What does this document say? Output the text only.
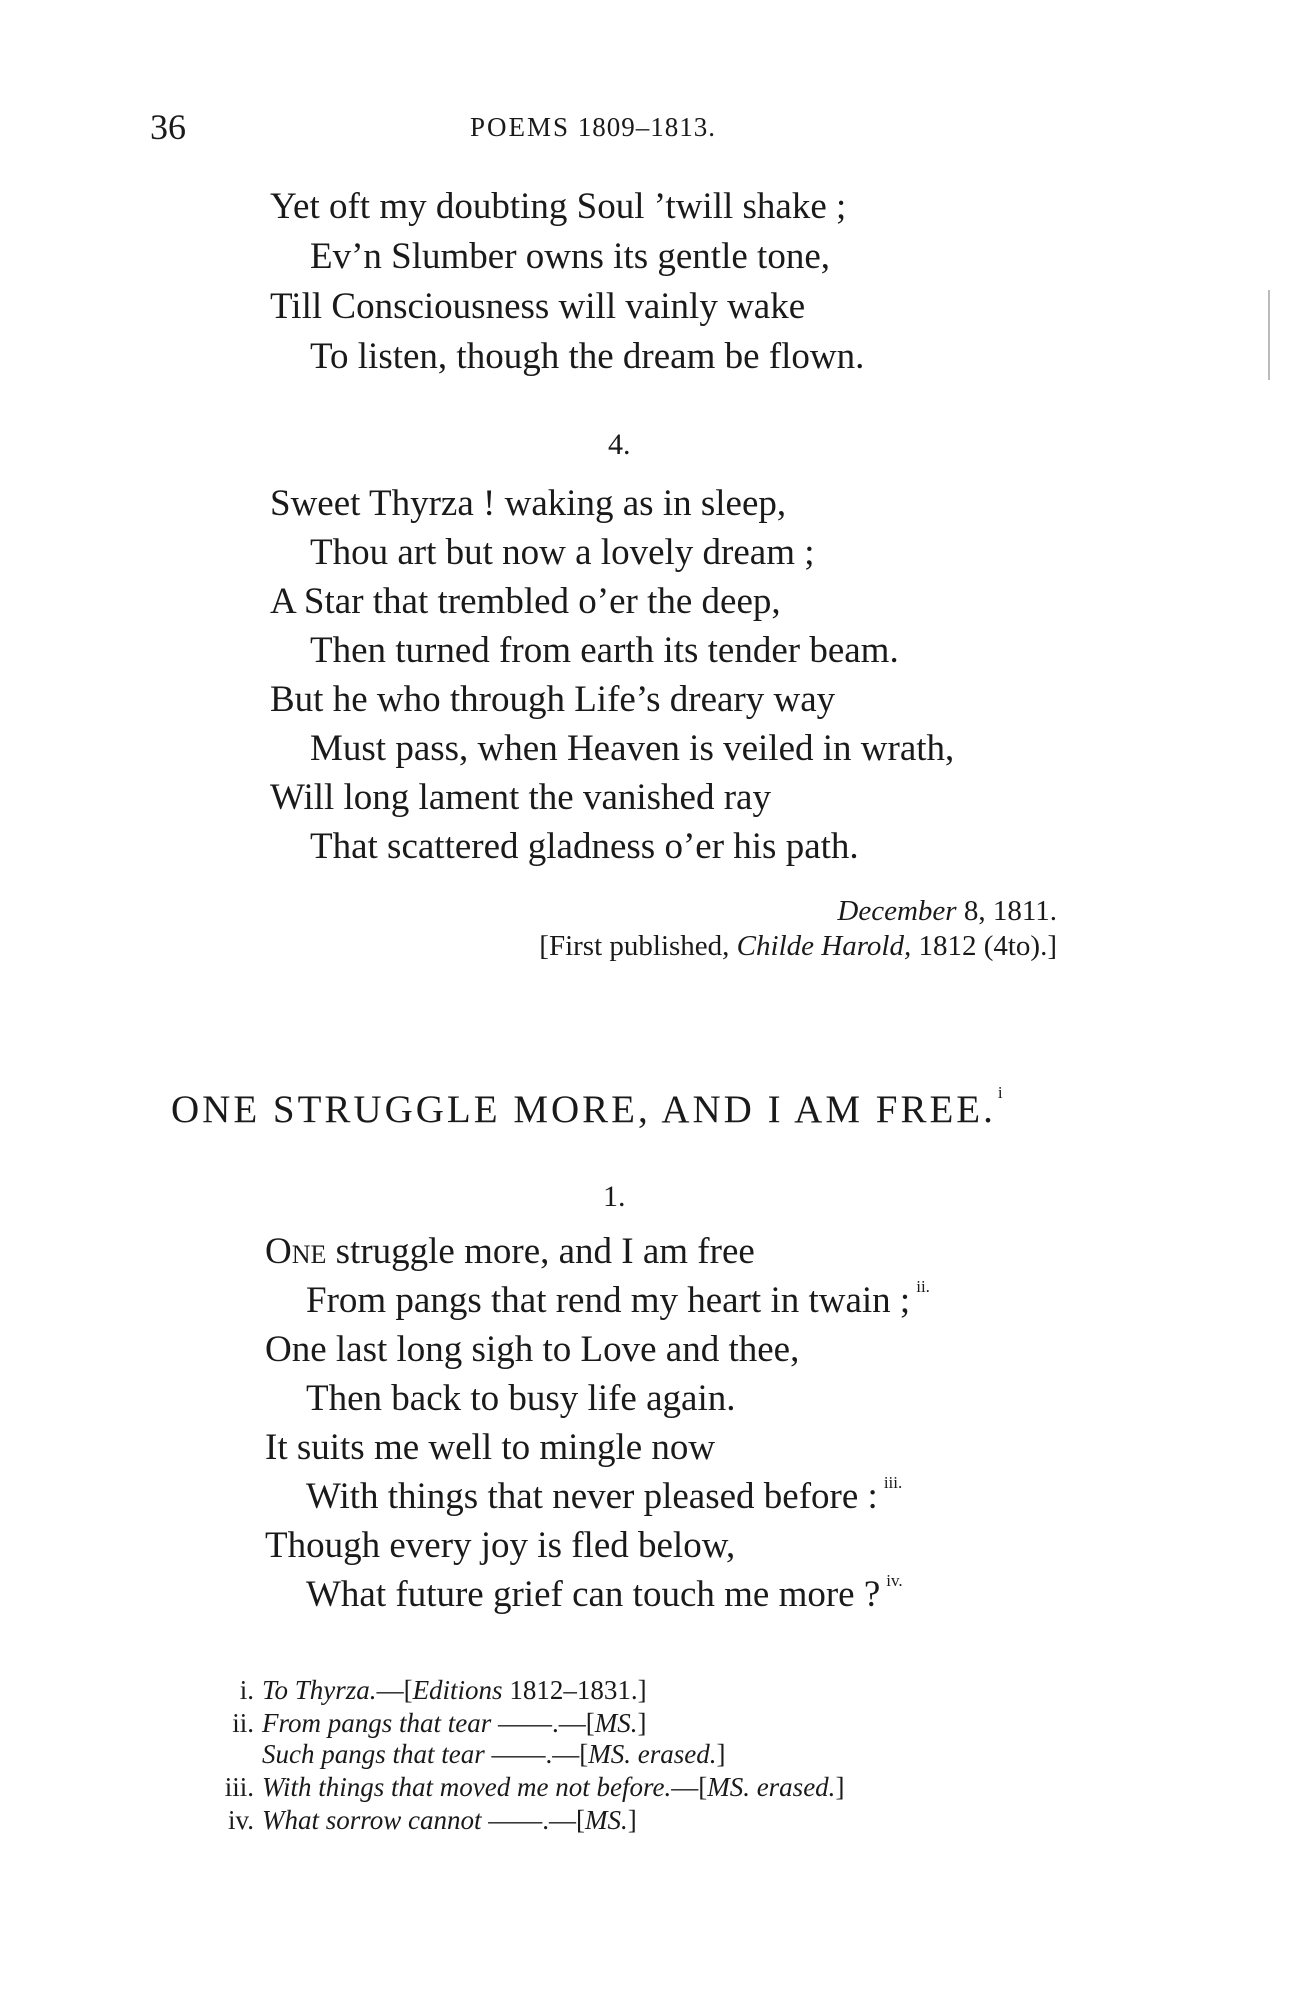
36	POEMS 1809–1813.
Yet oft my doubting Soul ’twill shake ;
Ev’n Slumber owns its gentle tone,
Till Consciousness will vainly wake
To listen, though the dream be flown.
4.
Sweet Thyrza ! waking as in sleep,
Thou art but now a lovely dream ;
A Star that trembled o’er the deep,
Then turned from earth its tender beam.
But he who through Life’s dreary way
Must pass, when Heaven is veiled in wrath,
Will long lament the vanished ray
That scattered gladness o’er his path.
December 8, 1811.
[First published, Childe Harold, 1812 (4to).]
ONE STRUGGLE MORE, AND I AM FREE. $^i$
1.
One struggle more, and I am free
From pangs that rend my heart in twain ; $^{ii.}$
One last long sigh to Love and thee,
Then back to busy life again.
It suits me well to mingle now
With things that never pleased before : $^{iii.}$
Though every joy is fled below,
What future grief can touch me more ? $^{iv.}$
i. To Thyrza.—[Editions 1812–1831.]
ii. From pangs that tear ——.—[MS.]
Such pangs that tear ——.—[MS. erased.]
iii. With things that moved me not before.—[MS. erased.]
iv. What sorrow cannot ——.—[MS.]
